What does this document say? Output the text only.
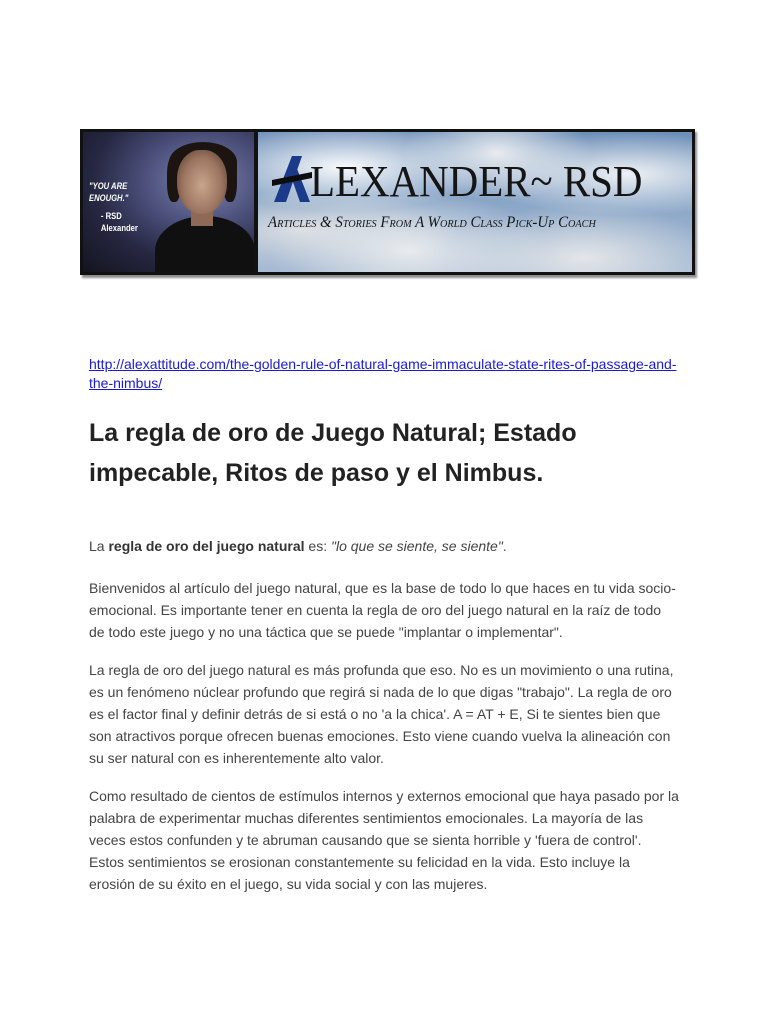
"YOU ARE ENOUGH."
- RSD Alexander
LEXANDER~ RSD
Articles & Stories From A World Class Pick-Up Coach
http://alexattitude.com/the-golden-rule-of-natural-game-immaculate-state-rites-of-passage-and-the-nimbus/
La regla de oro de Juego Natural; Estado impecable, Ritos de paso y el Nimbus.

La regla de oro del juego natural es: "lo que se siente, se siente".

Bienvenidos al artículo del juego natural, que es la base de todo lo que haces en tu vida socio-emocional. Es importante tener en cuenta la regla de oro del juego natural en la raíz de todo de todo este juego y no una táctica que se puede "implantar o implementar".

La regla de oro del juego natural es más profunda que eso. No es un movimiento o una rutina, es un fenómeno núclear profundo que regirá si nada de lo que digas "trabajo". La regla de oro es el factor final y definir detrás de si está o no 'a la chica'. A = AT + E, Si te sientes bien que son atractivos porque ofrecen buenas emociones. Esto viene cuando vuelva la alineación con su ser natural con es inherentemente alto valor.

Como resultado de cientos de estímulos internos y externos emocional que haya pasado por la palabra de experimentar muchas diferentes sentimientos emocionales. La mayoría de las veces estos confunden y te abruman causando que se sienta horrible y 'fuera de control'. Estos sentimientos se erosionan constantemente su felicidad en la vida. Esto incluye la erosión de su éxito en el juego, su vida social y con las mujeres.
